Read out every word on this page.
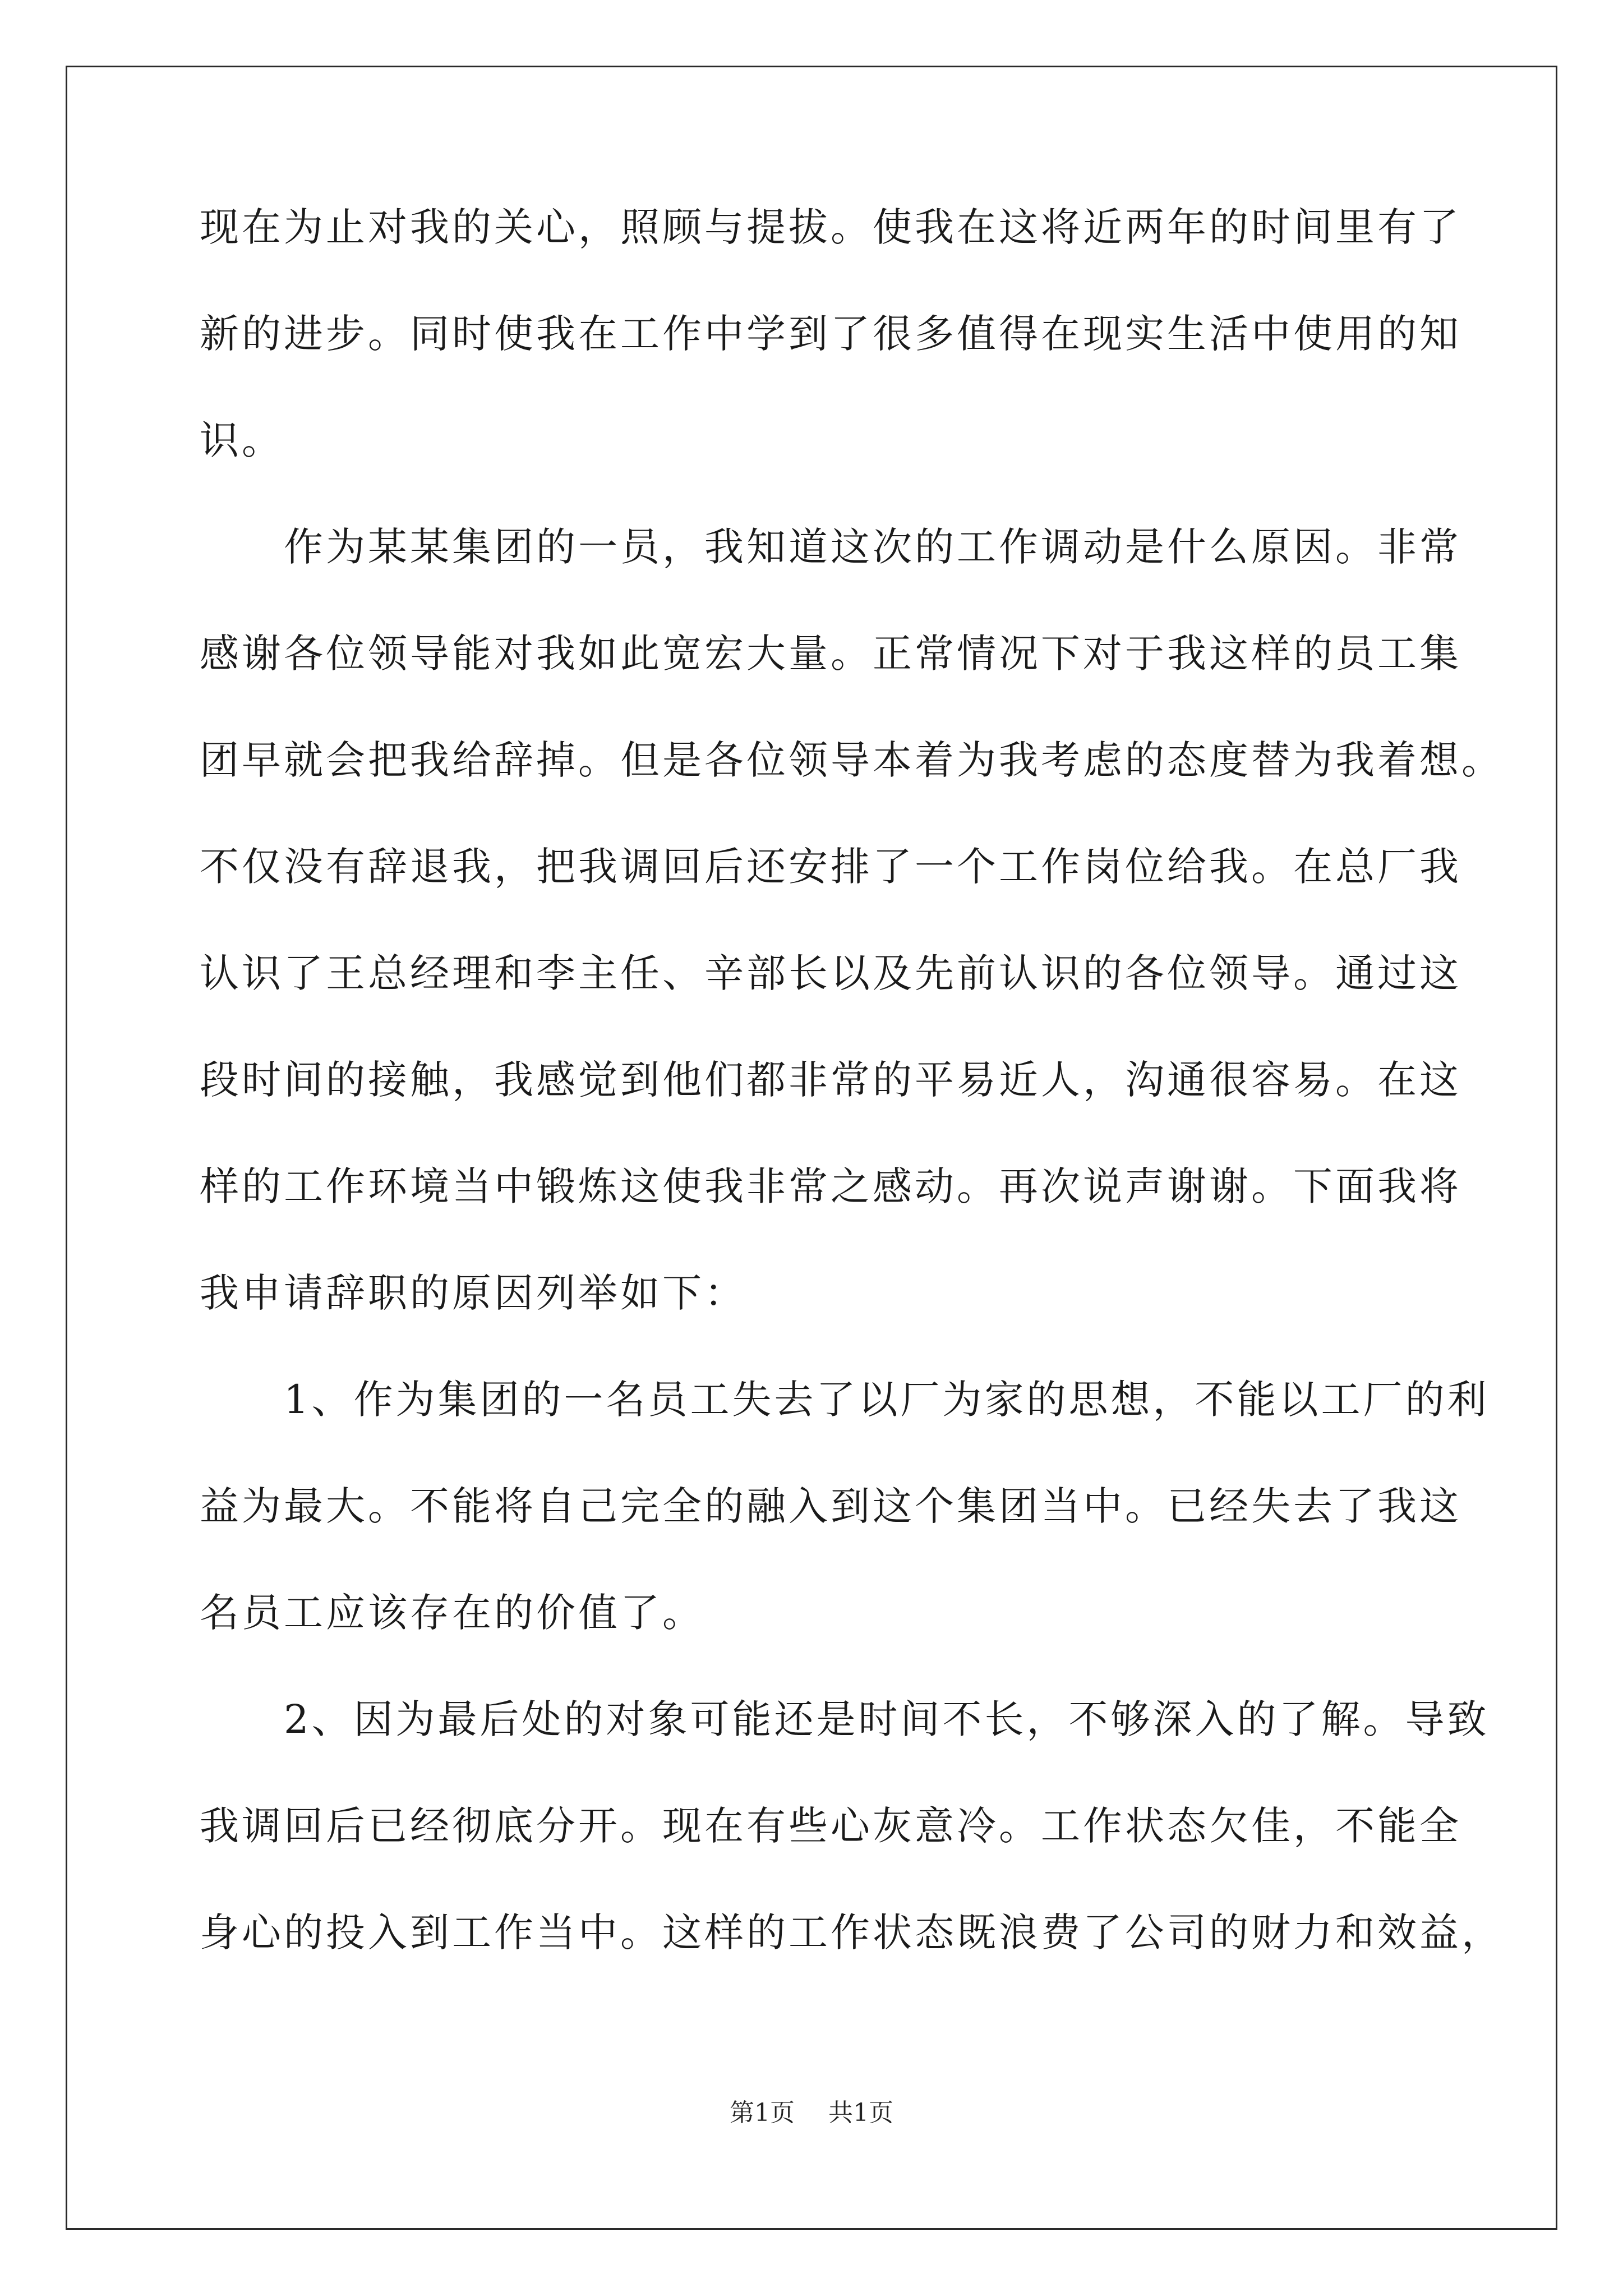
现在为止对我的关心，照顾与提拔。使我在这将近两年的时间里有了
新的进步。同时使我在工作中学到了很多值得在现实生活中使用的知
识。
作为某某集团的一员，我知道这次的工作调动是什么原因。非常
感谢各位领导能对我如此宽宏大量。正常情况下对于我这样的员工集
团早就会把我给辞掉。但是各位领导本着为我考虑的态度替为我着想。
不仅没有辞退我，把我调回后还安排了一个工作岗位给我。在总厂我
认识了王总经理和李主任、辛部长以及先前认识的各位领导。通过这
段时间的接触，我感觉到他们都非常的平易近人，沟通很容易。在这
样的工作环境当中锻炼这使我非常之感动。再次说声谢谢。下面我将
我申请辞职的原因列举如下：
1、作为集团的一名员工失去了以厂为家的思想，不能以工厂的利
益为最大。不能将自己完全的融入到这个集团当中。已经失去了我这
名员工应该存在的价值了。
2、因为最后处的对象可能还是时间不长，不够深入的了解。导致
我调回后已经彻底分开。现在有些心灰意冷。工作状态欠佳，不能全
身心的投入到工作当中。这样的工作状态既浪费了公司的财力和效益，
第1页 共1页
